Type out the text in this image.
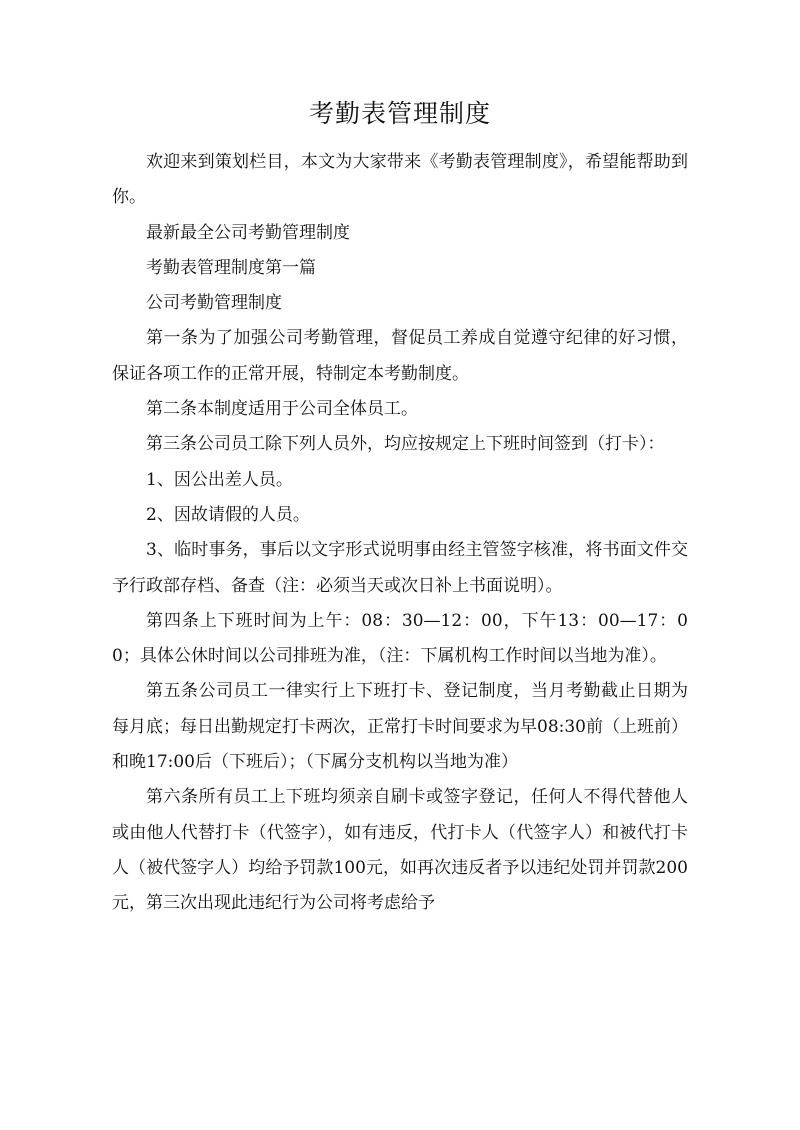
考勤表管理制度

欢迎来到策划栏目，本文为大家带来《考勤表管理制度》，希望能帮助到你。

最新最全公司考勤管理制度

考勤表管理制度第一篇

公司考勤管理制度

第一条为了加强公司考勤管理，督促员工养成自觉遵守纪律的好习惯，保证各项工作的正常开展，特制定本考勤制度。

第二条本制度适用于公司全体员工。

第三条公司员工除下列人员外，均应按规定上下班时间签到（打卡）：

1、因公出差人员。

2、因故请假的人员。

3、临时事务，事后以文字形式说明事由经主管签字核准，将书面文件交予行政部存档、备查（注：必须当天或次日补上书面说明）。

第四条上下班时间为上午：08：30—12：00，下午13：00—17：00；具体公休时间以公司排班为准，（注：下属机构工作时间以当地为准）。

第五条公司员工一律实行上下班打卡、登记制度，当月考勤截止日期为每月底；每日出勤规定打卡两次，正常打卡时间要求为早08:30前（上班前）和晚17:00后（下班后）；（下属分支机构以当地为准）

第六条所有员工上下班均须亲自刷卡或签字登记，任何人不得代替他人或由他人代替打卡（代签字），如有违反，代打卡人（代签字人）和被代打卡人（被代签字人）均给予罚款100元，如再次违反者予以违纪处罚并罚款200元，第三次出现此违纪行为公司将考虑给予
